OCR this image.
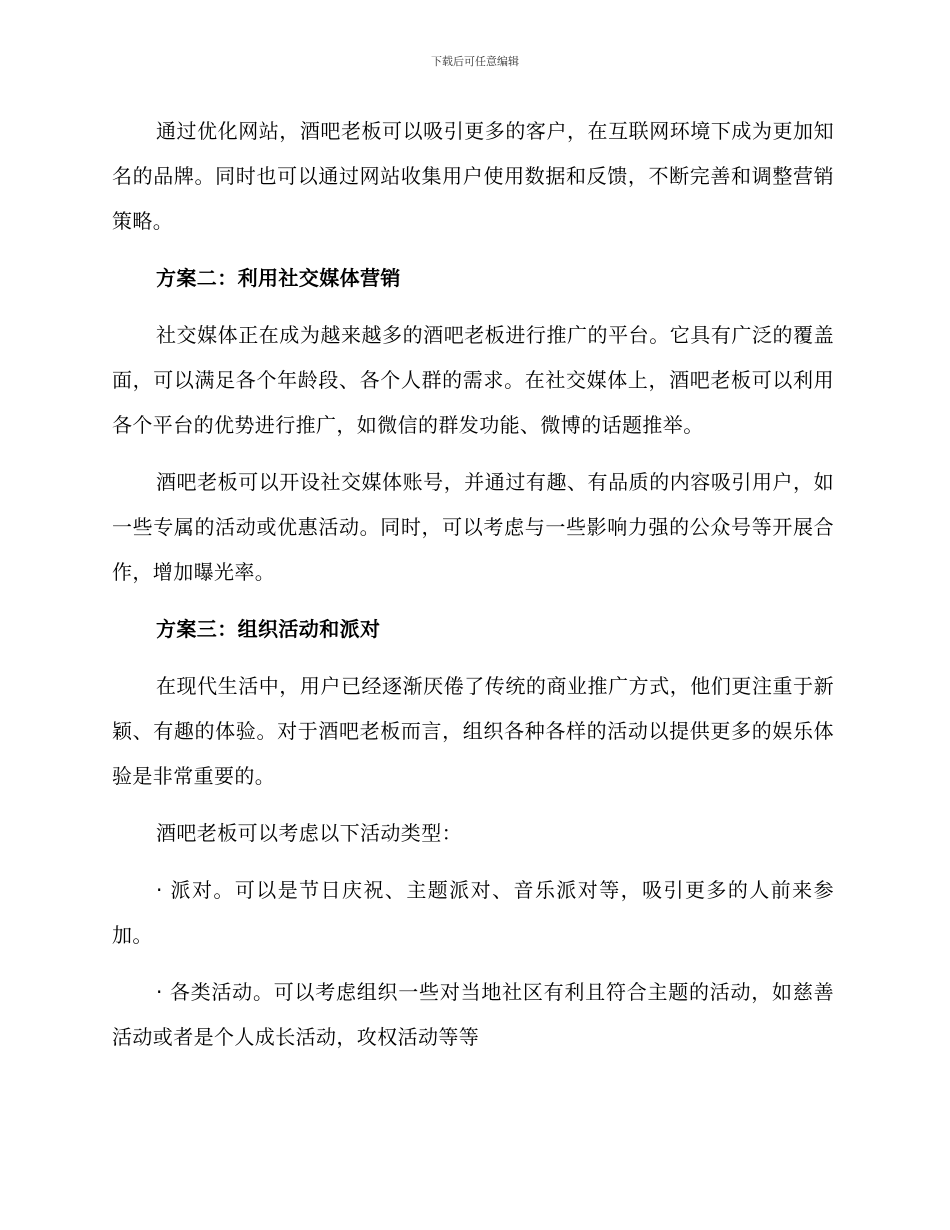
下载后可任意编辑

通过优化网站，酒吧老板可以吸引更多的客户，在互联网环境下成为更加知名的品牌。同时也可以通过网站收集用户使用数据和反馈，不断完善和调整营销策略。

方案二：利用社交媒体营销

社交媒体正在成为越来越多的酒吧老板进行推广的平台。它具有广泛的覆盖面，可以满足各个年龄段、各个人群的需求。在社交媒体上，酒吧老板可以利用各个平台的优势进行推广，如微信的群发功能、微博的话题推举。

酒吧老板可以开设社交媒体账号，并通过有趣、有品质的内容吸引用户，如一些专属的活动或优惠活动。同时，可以考虑与一些影响力强的公众号等开展合作，增加曝光率。

方案三：组织活动和派对

在现代生活中，用户已经逐渐厌倦了传统的商业推广方式，他们更注重于新颖、有趣的体验。对于酒吧老板而言，组织各种各样的活动以提供更多的娱乐体验是非常重要的。

酒吧老板可以考虑以下活动类型：

· 派对。可以是节日庆祝、主题派对、音乐派对等，吸引更多的人前来参加。

· 各类活动。可以考虑组织一些对当地社区有利且符合主题的活动，如慈善活动或者是个人成长活动，攻权活动等等
